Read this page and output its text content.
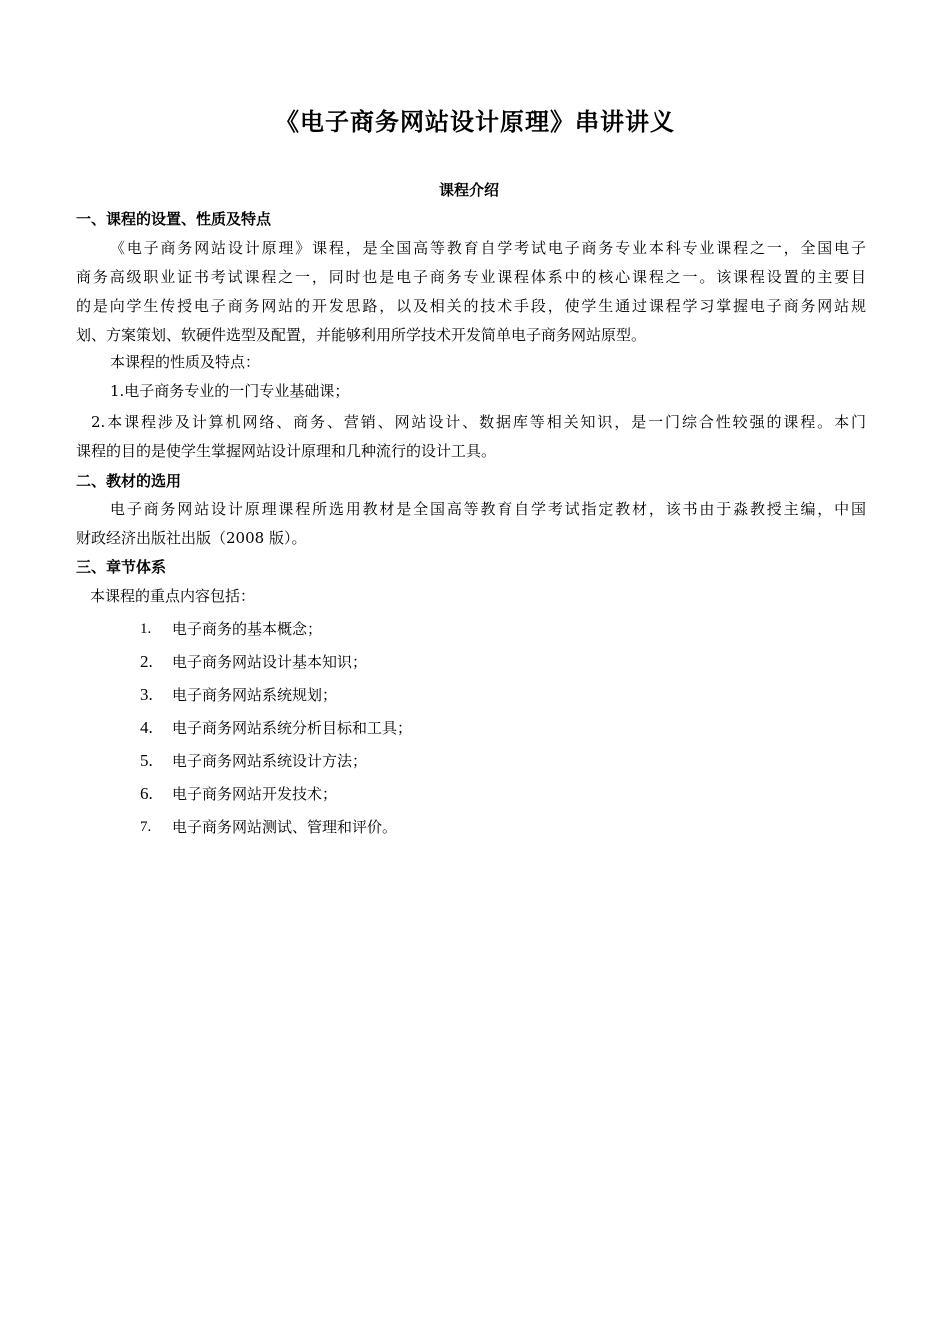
《电子商务网站设计原理》串讲讲义
课程介绍
一、课程的设置、性质及特点
《电子商务网站设计原理》课程，是全国高等教育自学考试电子商务专业本科专业课程之一，全国电子
商务高级职业证书考试课程之一，同时也是电子商务专业课程体系中的核心课程之一。该课程设置的主要目
的是向学生传授电子商务网站的开发思路，以及相关的技术手段，使学生通过课程学习掌握电子商务网站规
划、方案策划、软硬件选型及配置，并能够利用所学技术开发简单电子商务网站原型。
本课程的性质及特点：
1.电子商务专业的一门专业基础课；
2.本课程涉及计算机网络、商务、营销、网站设计、数据库等相关知识，是一门综合性较强的课程。本门
课程的目的是使学生掌握网站设计原理和几种流行的设计工具。
二、教材的选用
电子商务网站设计原理课程所选用教材是全国高等教育自学考试指定教材，该书由于淼教授主编，中国
财政经济出版社出版（2008 版）。
三、章节体系
本课程的重点内容包括：
1.	电子商务的基本概念；
2.	电子商务网站设计基本知识；
3.	电子商务网站系统规划；
4.	电子商务网站系统分析目标和工具；
5.	电子商务网站系统设计方法；
6.	电子商务网站开发技术；
7.	电子商务网站测试、管理和评价。
